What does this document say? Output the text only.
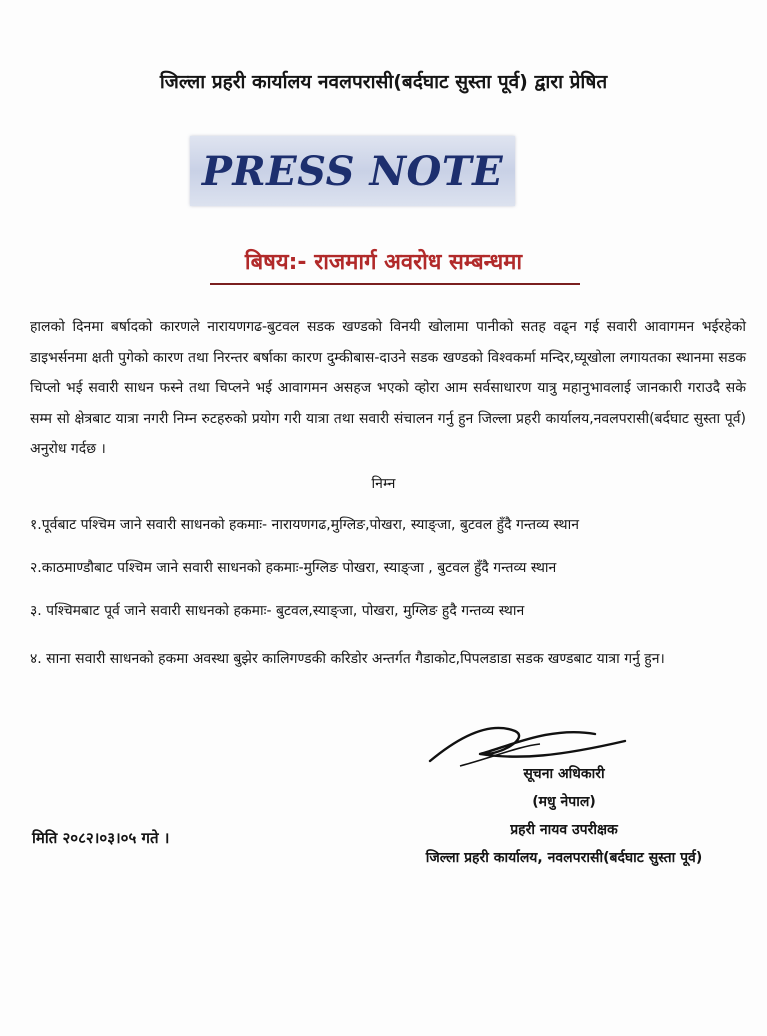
जिल्ला प्रहरी कार्यालय नवलपरासी(बर्दघाट सुस्ता पूर्व) द्वारा प्रेषित
PRESS NOTE
बिषय:- राजमार्ग अवरोध सम्बन्धमा
हालको दिनमा बर्षादको कारणले नारायणगढ-बुटवल सडक खण्डको विनयी खोलामा पानीको सतह वढ्न गई सवारी आवागमन भईरहेको डाइभर्सनमा क्षती पुगेको कारण तथा निरन्तर बर्षाका कारण दुम्कीबास-दाउने सडक खण्डको विश्वकर्मा मन्दिर,घ्यूखोला लगायतका स्थानमा सडक चिप्लो भई सवारी साधन फस्ने तथा चिप्लने भई आवागमन असहज भएको व्होरा आम सर्वसाधारण यात्रु महानुभावलाई जानकारी गराउदै सके सम्म सो क्षेत्रबाट यात्रा नगरी निम्न रुटहरुको प्रयोग गरी यात्रा तथा सवारी संचालन गर्नु हुन जिल्ला प्रहरी कार्यालय,नवलपरासी(बर्दघाट सुस्ता पूर्व) अनुरोध गर्दछ ।
निम्न
१.पूर्वबाट पश्चिम जाने सवारी साधनको हकमाः- नारायणगढ,मुग्लिङ,पोखरा, स्याङ्जा, बुटवल हुँदै गन्तव्य स्थान
२.काठमाण्डौबाट पश्चिम जाने सवारी साधनको हकमाः-मुग्लिङ पोखरा, स्याङ्जा , बुटवल हुँदै गन्तव्य स्थान
३. पश्चिमबाट पूर्व जाने सवारी साधनको हकमाः- बुटवल,स्याङ्जा, पोखरा, मुग्लिङ हुदै गन्तव्य स्थान
४. साना सवारी साधनको हकमा अवस्था बुझेर कालिगण्डकी करिडोर अन्तर्गत गैडाकोट,पिपलडाडा सडक खण्डबाट यात्रा गर्नु हुन।
सूचना अधिकारी
(मधु नेपाल)
प्रहरी नायव उपरीक्षक
जिल्ला प्रहरी कार्यालय, नवलपरासी(बर्दघाट सुस्ता पूर्व)
मिति २०८२।०३।०५ गते ।
